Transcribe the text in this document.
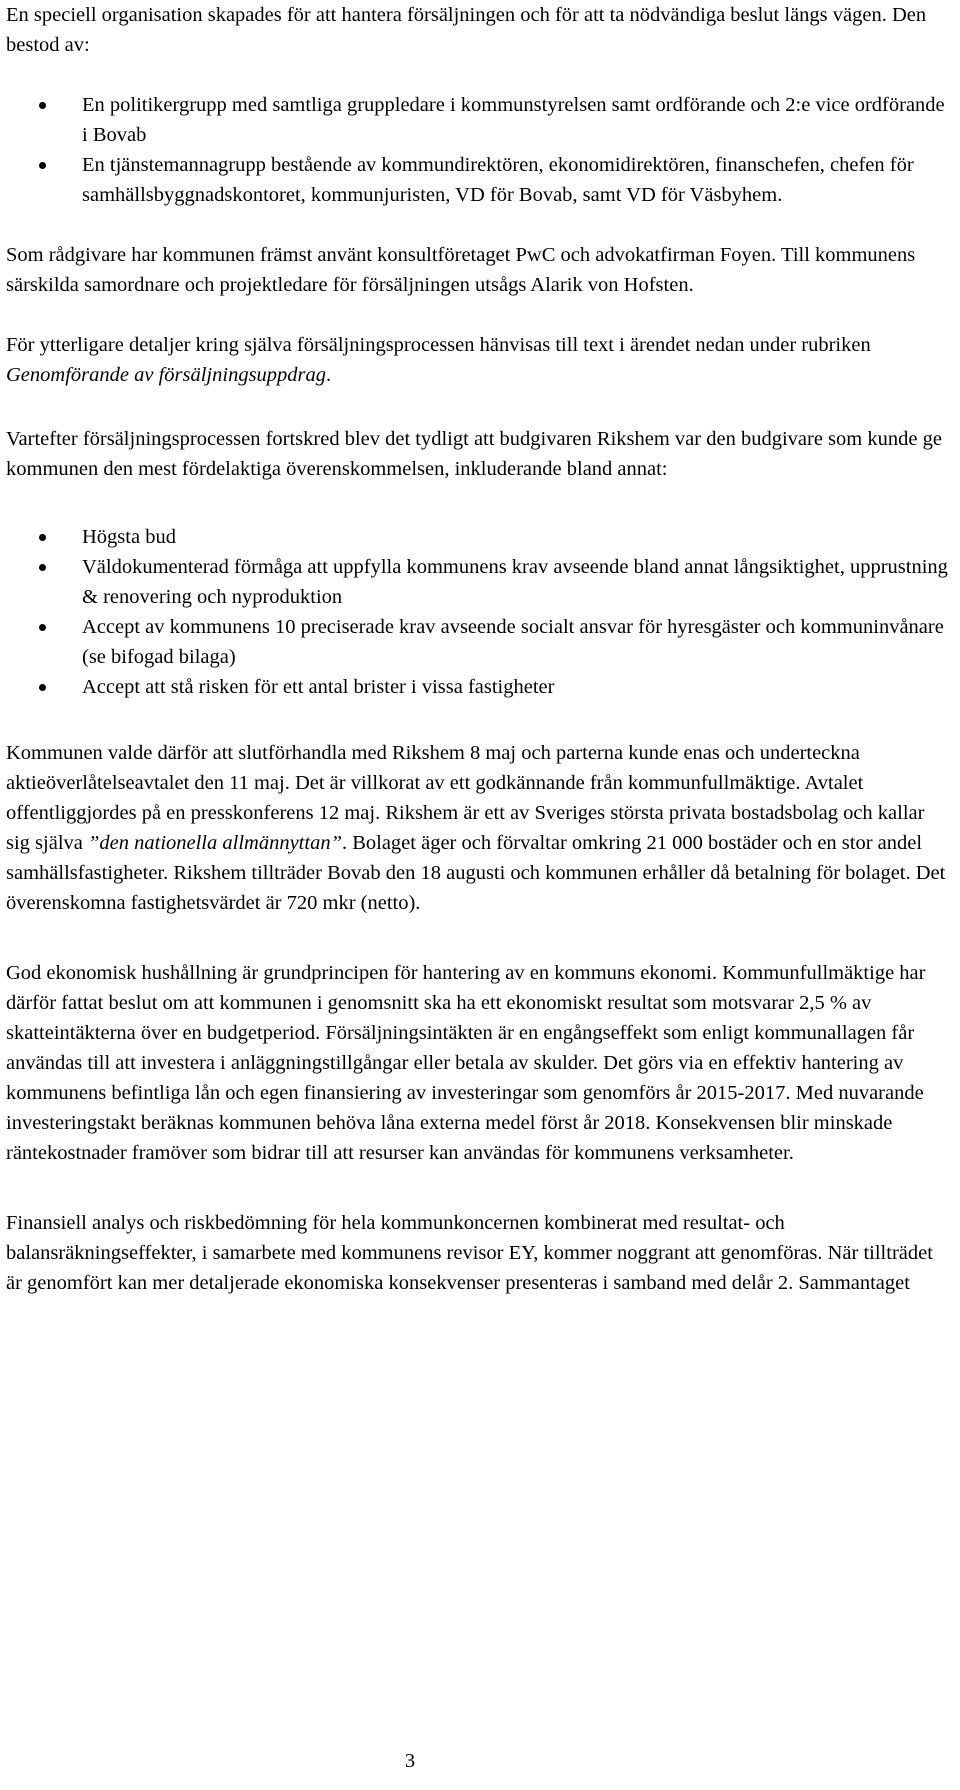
En speciell organisation skapades för att hantera försäljningen och för att ta nödvändiga beslut längs vägen. Den bestod av:

En politikergrupp med samtliga gruppledare i kommunstyrelsen samt ordförande och 2:e vice ordförande i Bovab
En tjänstemannagrupp bestående av kommundirektören, ekonomidirektören, finanschefen, chefen för samhällsbyggnadskontoret, kommunjuristen, VD för Bovab, samt VD för Väsbyhem.

Som rådgivare har kommunen främst använt konsultföretaget PwC och advokatfirman Foyen. Till kommunens särskilda samordnare och projektledare för försäljningen utsågs Alarik von Hofsten.

För ytterligare detaljer kring själva försäljningsprocessen hänvisas till text i ärendet nedan under rubriken Genomförande av försäljningsuppdrag.

Vartefter försäljningsprocessen fortskred blev det tydligt att budgivaren Rikshem var den budgivare som kunde ge kommunen den mest fördelaktiga överenskommelsen, inkluderande bland annat:

Högsta bud
Väldokumenterad förmåga att uppfylla kommunens krav avseende bland annat långsiktighet, upprustning & renovering och nyproduktion
Accept av kommunens 10 preciserade krav avseende socialt ansvar för hyresgäster och kommuninvånare (se bifogad bilaga)
Accept att stå risken för ett antal brister i vissa fastigheter

Kommunen valde därför att slutförhandla med Rikshem 8 maj och parterna kunde enas och underteckna aktieöverlåtelseavtalet den 11 maj. Det är villkorat av ett godkännande från kommunfullmäktige. Avtalet offentliggjordes på en presskonferens 12 maj. Rikshem är ett av Sveriges största privata bostadsbolag och kallar sig själva ”den nationella allmännyttan”. Bolaget äger och förvaltar omkring 21 000 bostäder och en stor andel samhällsfastigheter. Rikshem tillträder Bovab den 18 augusti och kommunen erhåller då betalning för bolaget. Det överenskomna fastighetsvärdet är 720 mkr (netto).

God ekonomisk hushållning är grundprincipen för hantering av en kommuns ekonomi. Kommunfullmäktige har därför fattat beslut om att kommunen i genomsnitt ska ha ett ekonomiskt resultat som motsvarar 2,5 % av skatteintäkterna över en budgetperiod. Försäljningsintäkten är en engångseffekt som enligt kommunallagen får användas till att investera i anläggningstillgångar eller betala av skulder. Det görs via en effektiv hantering av kommunens befintliga lån och egen finansiering av investeringar som genomförs år 2015-2017. Med nuvarande investeringstakt beräknas kommunen behöva låna externa medel först år 2018. Konsekvensen blir minskade räntekostnader framöver som bidrar till att resurser kan användas för kommunens verksamheter.

Finansiell analys och riskbedömning för hela kommunkoncernen kombinerat med resultat- och balansräkningseffekter, i samarbete med kommunens revisor EY, kommer noggrant att genomföras. När tillträdet är genomfört kan mer detaljerade ekonomiska konsekvenser presenteras i samband med delår 2. Sammantaget

3
